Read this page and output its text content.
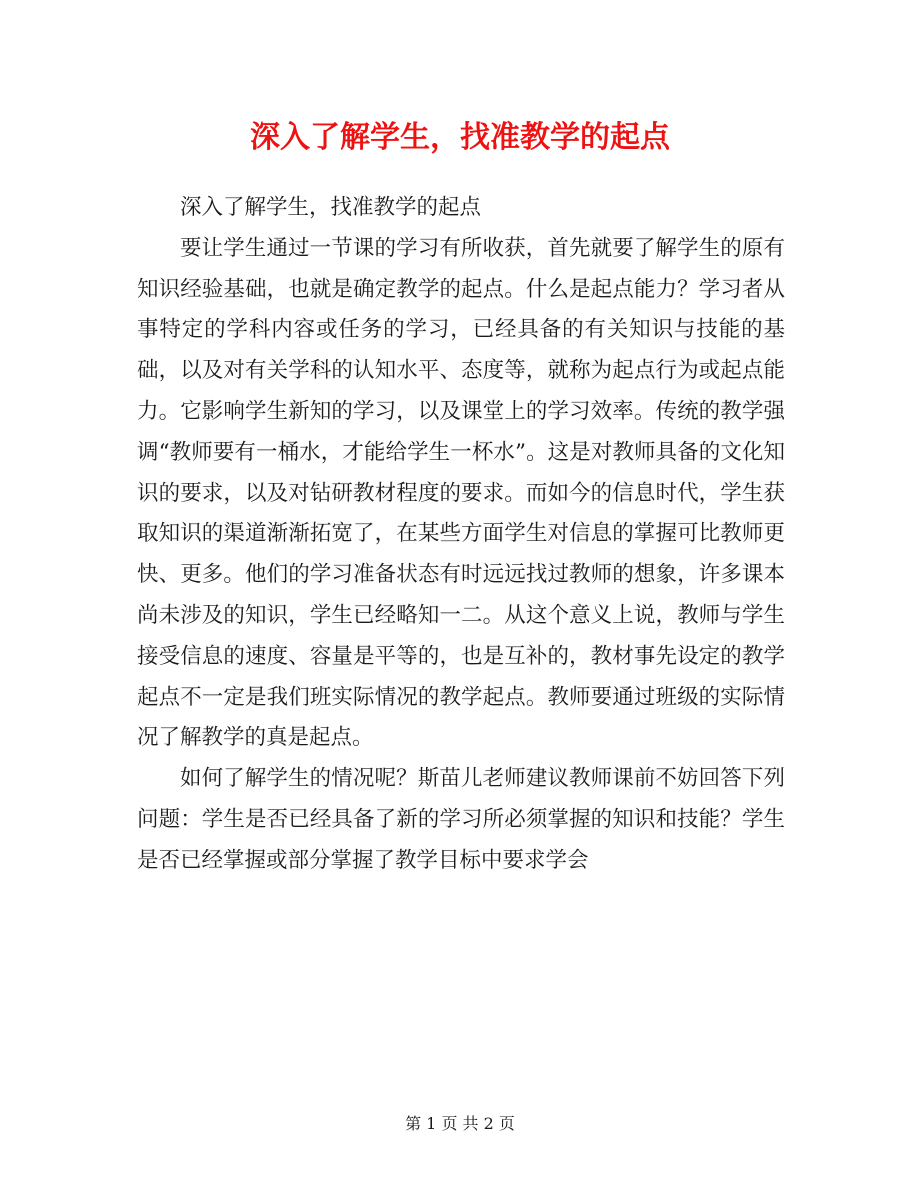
深入了解学生，找准教学的起点

深入了解学生，找准教学的起点

要让学生通过一节课的学习有所收获，首先就要了解学生的原有知识经验基础，也就是确定教学的起点。什么是起点能力？学习者从事特定的学科内容或任务的学习，已经具备的有关知识与技能的基础，以及对有关学科的认知水平、态度等，就称为起点行为或起点能力。它影响学生新知的学习，以及课堂上的学习效率。传统的教学强调“教师要有一桶水，才能给学生一杯水”。这是对教师具备的文化知识的要求，以及对钻研教材程度的要求。而如今的信息时代，学生获取知识的渠道渐渐拓宽了，在某些方面学生对信息的掌握可比教师更快、更多。他们的学习准备状态有时远远找过教师的想象，许多课本尚未涉及的知识，学生已经略知一二。从这个意义上说，教师与学生接受信息的速度、容量是平等的，也是互补的，教材事先设定的教学起点不一定是我们班实际情况的教学起点。教师要通过班级的实际情况了解教学的真是起点。

如何了解学生的情况呢？斯苗儿老师建议教师课前不妨回答下列问题：学生是否已经具备了新的学习所必须掌握的知识和技能？学生是否已经掌握或部分掌握了教学目标中要求学会

第 1 页 共 2 页
